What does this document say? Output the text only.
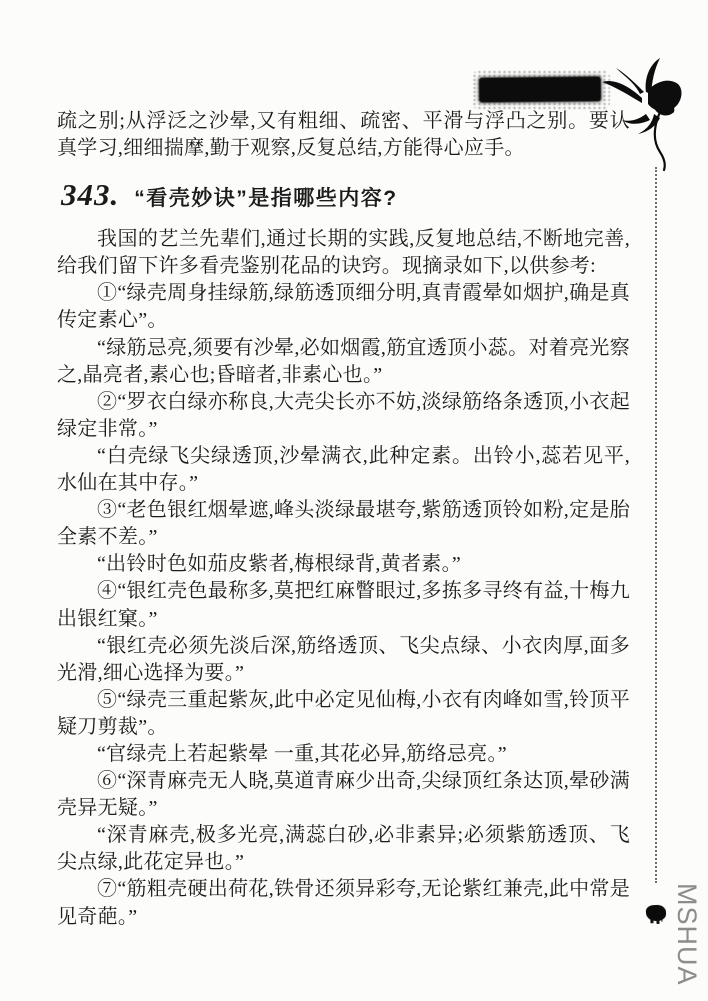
疏之别;从浮泛之沙晕,又有粗细、疏密、平滑与浮凸之别。要认真学习,细细揣摩,勤于观察,反复总结,方能得心应手。

343. “看壳妙诀”是指哪些内容?

我国的艺兰先辈们,通过长期的实践,反复地总结,不断地完善,给我们留下许多看壳鉴别花品的诀窍。现摘录如下,以供参考:

①“绿壳周身挂绿筋,绿筋透顶细分明,真青霞晕如烟护,确是真传定素心”。

“绿筋忌亮,须要有沙晕,必如烟霞,筋宜透顶小蕊。对着亮光察之,晶亮者,素心也;昏暗者,非素心也。”

②“罗衣白绿亦称良,大壳尖长亦不妨,淡绿筋络条透顶,小衣起绿定非常。”

“白壳绿飞尖绿透顶,沙晕满衣,此种定素。出铃小,蕊若见平,水仙在其中存。”

③“老色银红烟晕遮,峰头淡绿最堪夸,紫筋透顶铃如粉,定是胎全素不差。”

“出铃时色如茄皮紫者,梅根绿背,黄者素。”

④“银红壳色最称多,莫把红麻瞥眼过,多拣多寻终有益,十梅九出银红窠。”

“银红壳必须先淡后深,筋络透顶、飞尖点绿、小衣肉厚,面多光滑,细心选择为要。”

⑤“绿壳三重起紫灰,此中必定见仙梅,小衣有肉峰如雪,铃顶平疑刀剪裁”。

“官绿壳上若起紫晕 一重,其花必异,筋络忌亮。”

⑥“深青麻壳无人晓,莫道青麻少出奇,尖绿顶红条达顶,晕砂满壳异无疑。”

“深青麻壳,极多光亮,满蕊白砂,必非素异;必须紫筋透顶、飞尖点绿,此花定异也。”

⑦“筋粗壳硬出荷花,铁骨还须异彩夸,无论紫红兼壳,此中常是见奇葩。”	MSHUA
